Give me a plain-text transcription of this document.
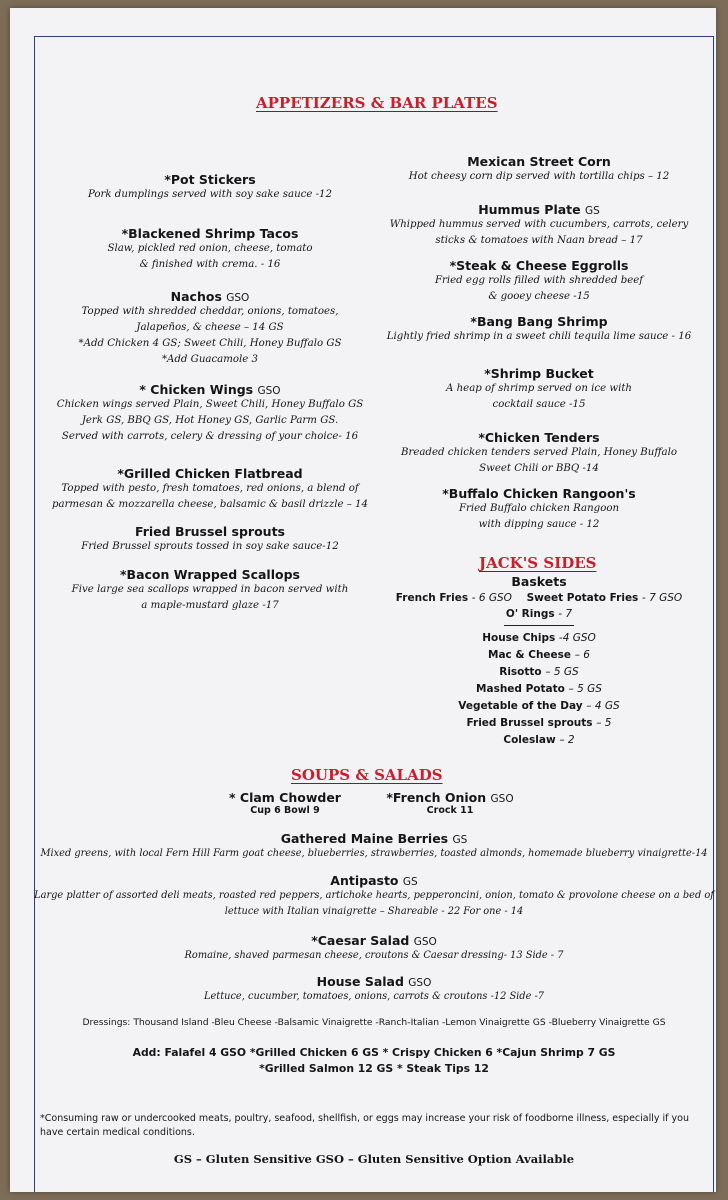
APPETIZERS & BAR PLATES
*Pot Stickers
Pork dumplings served with soy sake sauce -12
*Blackened Shrimp Tacos
Slaw, pickled red onion, cheese, tomato
& finished with crema. - 16
Nachos GSO
Topped with shredded cheddar, onions, tomatoes,
Jalapeños, & cheese – 14 GS
*Add Chicken 4 GS; Sweet Chili, Honey Buffalo GS
*Add Guacamole 3
* Chicken Wings GSO
Chicken wings served Plain, Sweet Chili, Honey Buffalo GS
Jerk GS, BBQ GS, Hot Honey GS, Garlic Parm GS.
Served with carrots, celery & dressing of your choice- 16
*Grilled Chicken Flatbread
Topped with pesto, fresh tomatoes, red onions, a blend of
parmesan & mozzarella cheese, balsamic & basil drizzle – 14
Fried Brussel sprouts
Fried Brussel sprouts tossed in soy sake sauce-12
*Bacon Wrapped Scallops
Five large sea scallops wrapped in bacon served with
a maple-mustard glaze -17
Mexican Street Corn
Hot cheesy corn dip served with tortilla chips – 12
Hummus Plate GS
Whipped hummus served with cucumbers, carrots, celery
sticks & tomatoes with Naan bread – 17
*Steak & Cheese Eggrolls
Fried egg rolls filled with shredded beef
& gooey cheese -15
*Bang Bang Shrimp
Lightly fried shrimp in a sweet chili tequila lime sauce - 16
*Shrimp Bucket
A heap of shrimp served on ice with
cocktail sauce -15
*Chicken Tenders
Breaded chicken tenders served Plain, Honey Buffalo
Sweet Chili or BBQ -14
*Buffalo Chicken Rangoon's
Fried Buffalo chicken Rangoon
with dipping sauce - 12
JACK'S SIDES
Baskets
French Fries - 6 GSO Sweet Potato Fries - 7 GSO
O' Rings - 7
House Chips -4 GSO
Mac & Cheese – 6
Risotto – 5 GS
Mashed Potato – 5 GS
Vegetable of the Day – 4 GS
Fried Brussel sprouts – 5
Coleslaw – 2
SOUPS & SALADS
* Clam Chowder
Cup 6 Bowl 9
*French Onion GSO
Crock 11
Gathered Maine Berries GS
Mixed greens, with local Fern Hill Farm goat cheese, blueberries, strawberries, toasted almonds, homemade blueberry vinaigrette-14
Antipasto GS
Large platter of assorted deli meats, roasted red peppers, artichoke hearts, pepperoncini, onion, tomato & provolone cheese on a bed of
lettuce with Italian vinaigrette – Shareable - 22 For one - 14
*Caesar Salad GSO
Romaine, shaved parmesan cheese, croutons & Caesar dressing- 13 Side - 7
House Salad GSO
Lettuce, cucumber, tomatoes, onions, carrots & croutons -12 Side -7
Dressings: Thousand Island -Bleu Cheese -Balsamic Vinaigrette -Ranch-Italian -Lemon Vinaigrette GS -Blueberry Vinaigrette GS
Add: Falafel 4 GSO *Grilled Chicken 6 GS * Crispy Chicken 6 *Cajun Shrimp 7 GS
*Grilled Salmon 12 GS * Steak Tips 12
*Consuming raw or undercooked meats, poultry, seafood, shellfish, or eggs may increase your risk of foodborne illness, especially if you have certain medical conditions.
GS – Gluten Sensitive GSO – Gluten Sensitive Option Available
